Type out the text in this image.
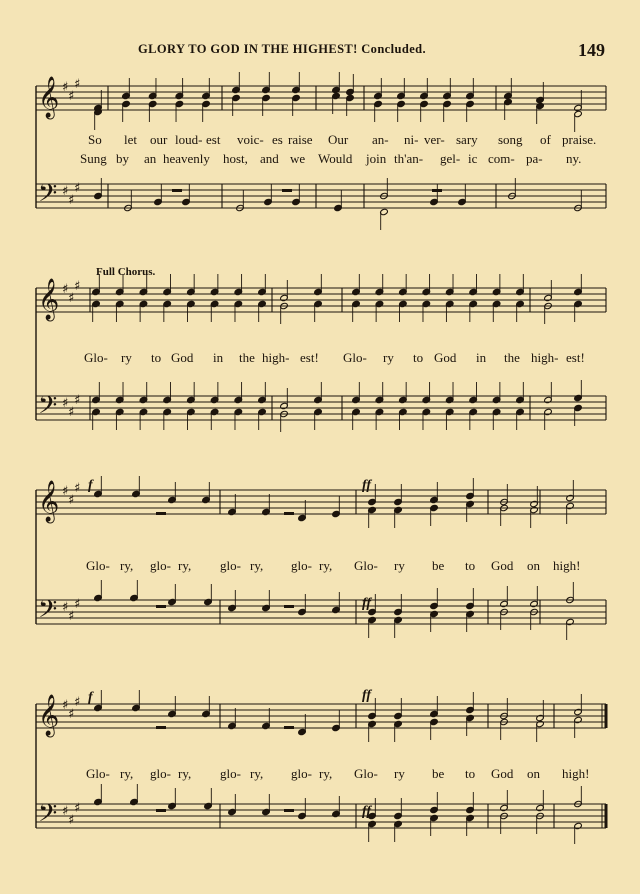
GLORY TO GOD IN THE HIGHEST! Concluded.	149
𝄞
𝄢
♯
♯
♯
♯
♯
♯
So let our loud- est voic- es raise Our an- ni- ver- sary song of praise.
Sung by an heavenly host, and we Would join th'an- gel- ic com- pa- ny.
𝄞
𝄢
♯
♯
♯
♯
♯
♯
Full Chorus.
Glo- ry to God in the high- est! Glo- ry to God in the high- est!
𝄞
𝄢
♯
♯
♯
♯
♯
♯
f	ff
ff
Glo- ry, glo- ry, glo- ry, glo- ry, Glo- ry be to God on high!
𝄞
𝄢
♯
♯
♯
♯
♯
♯
f	ff
ff
Glo- ry, glo- ry, glo- ry, glo- ry, Glo- ry be to God on high!
